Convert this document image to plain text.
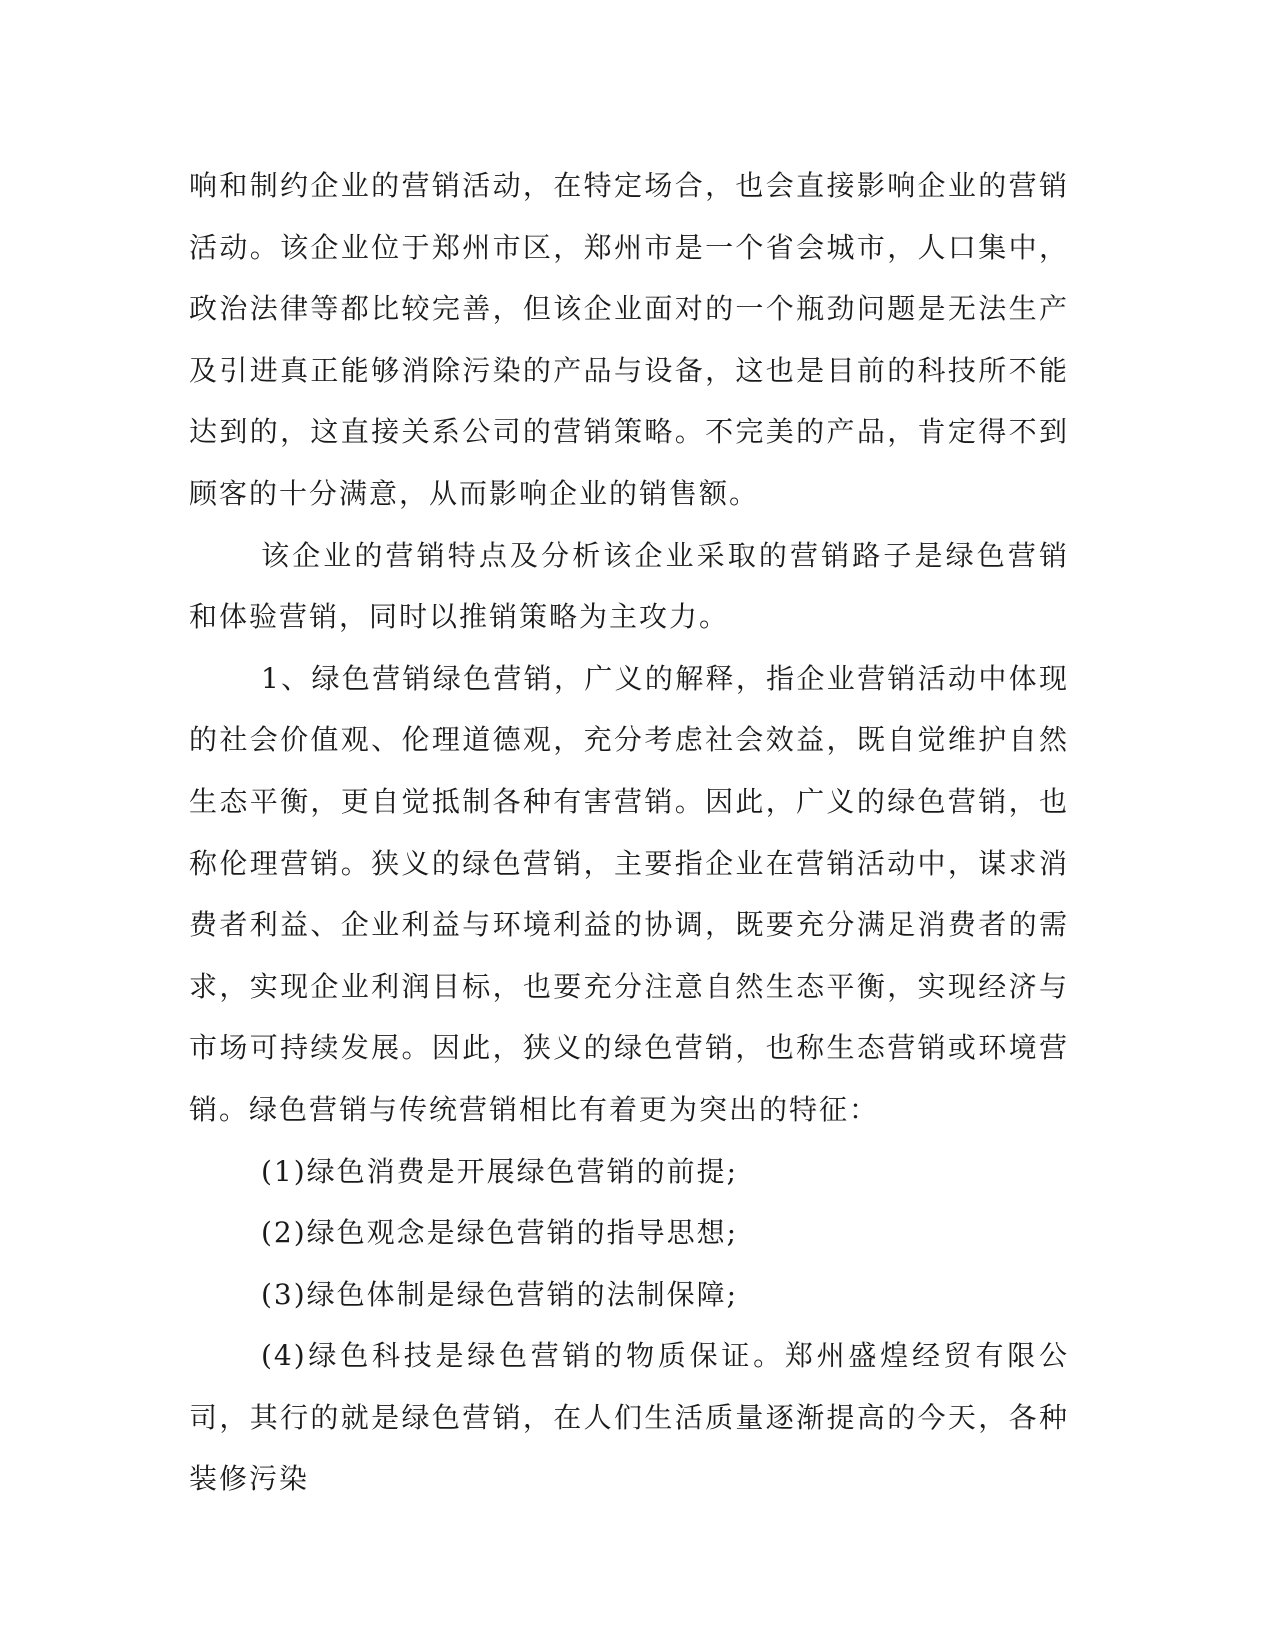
响和制约企业的营销活动，在特定场合，也会直接影响企业的营销活动。该企业位于郑州市区，郑州市是一个省会城市，人口集中，政治法律等都比较完善，但该企业面对的一个瓶劲问题是无法生产及引进真正能够消除污染的产品与设备，这也是目前的科技所不能达到的，这直接关系公司的营销策略。不完美的产品，肯定得不到顾客的十分满意，从而影响企业的销售额。

该企业的营销特点及分析该企业采取的营销路子是绿色营销和体验营销，同时以推销策略为主攻力。

1、绿色营销绿色营销，广义的解释，指企业营销活动中体现的社会价值观、伦理道德观，充分考虑社会效益，既自觉维护自然生态平衡，更自觉抵制各种有害营销。因此，广义的绿色营销，也称伦理营销。狭义的绿色营销，主要指企业在营销活动中，谋求消费者利益、企业利益与环境利益的协调，既要充分满足消费者的需求，实现企业利润目标，也要充分注意自然生态平衡，实现经济与市场可持续发展。因此，狭义的绿色营销，也称生态营销或环境营销。绿色营销与传统营销相比有着更为突出的特征：

(1)绿色消费是开展绿色营销的前提;

(2)绿色观念是绿色营销的指导思想;

(3)绿色体制是绿色营销的法制保障;

(4)绿色科技是绿色营销的物质保证。郑州盛煌经贸有限公司，其行的就是绿色营销，在人们生活质量逐渐提高的今天，各种装修污染
